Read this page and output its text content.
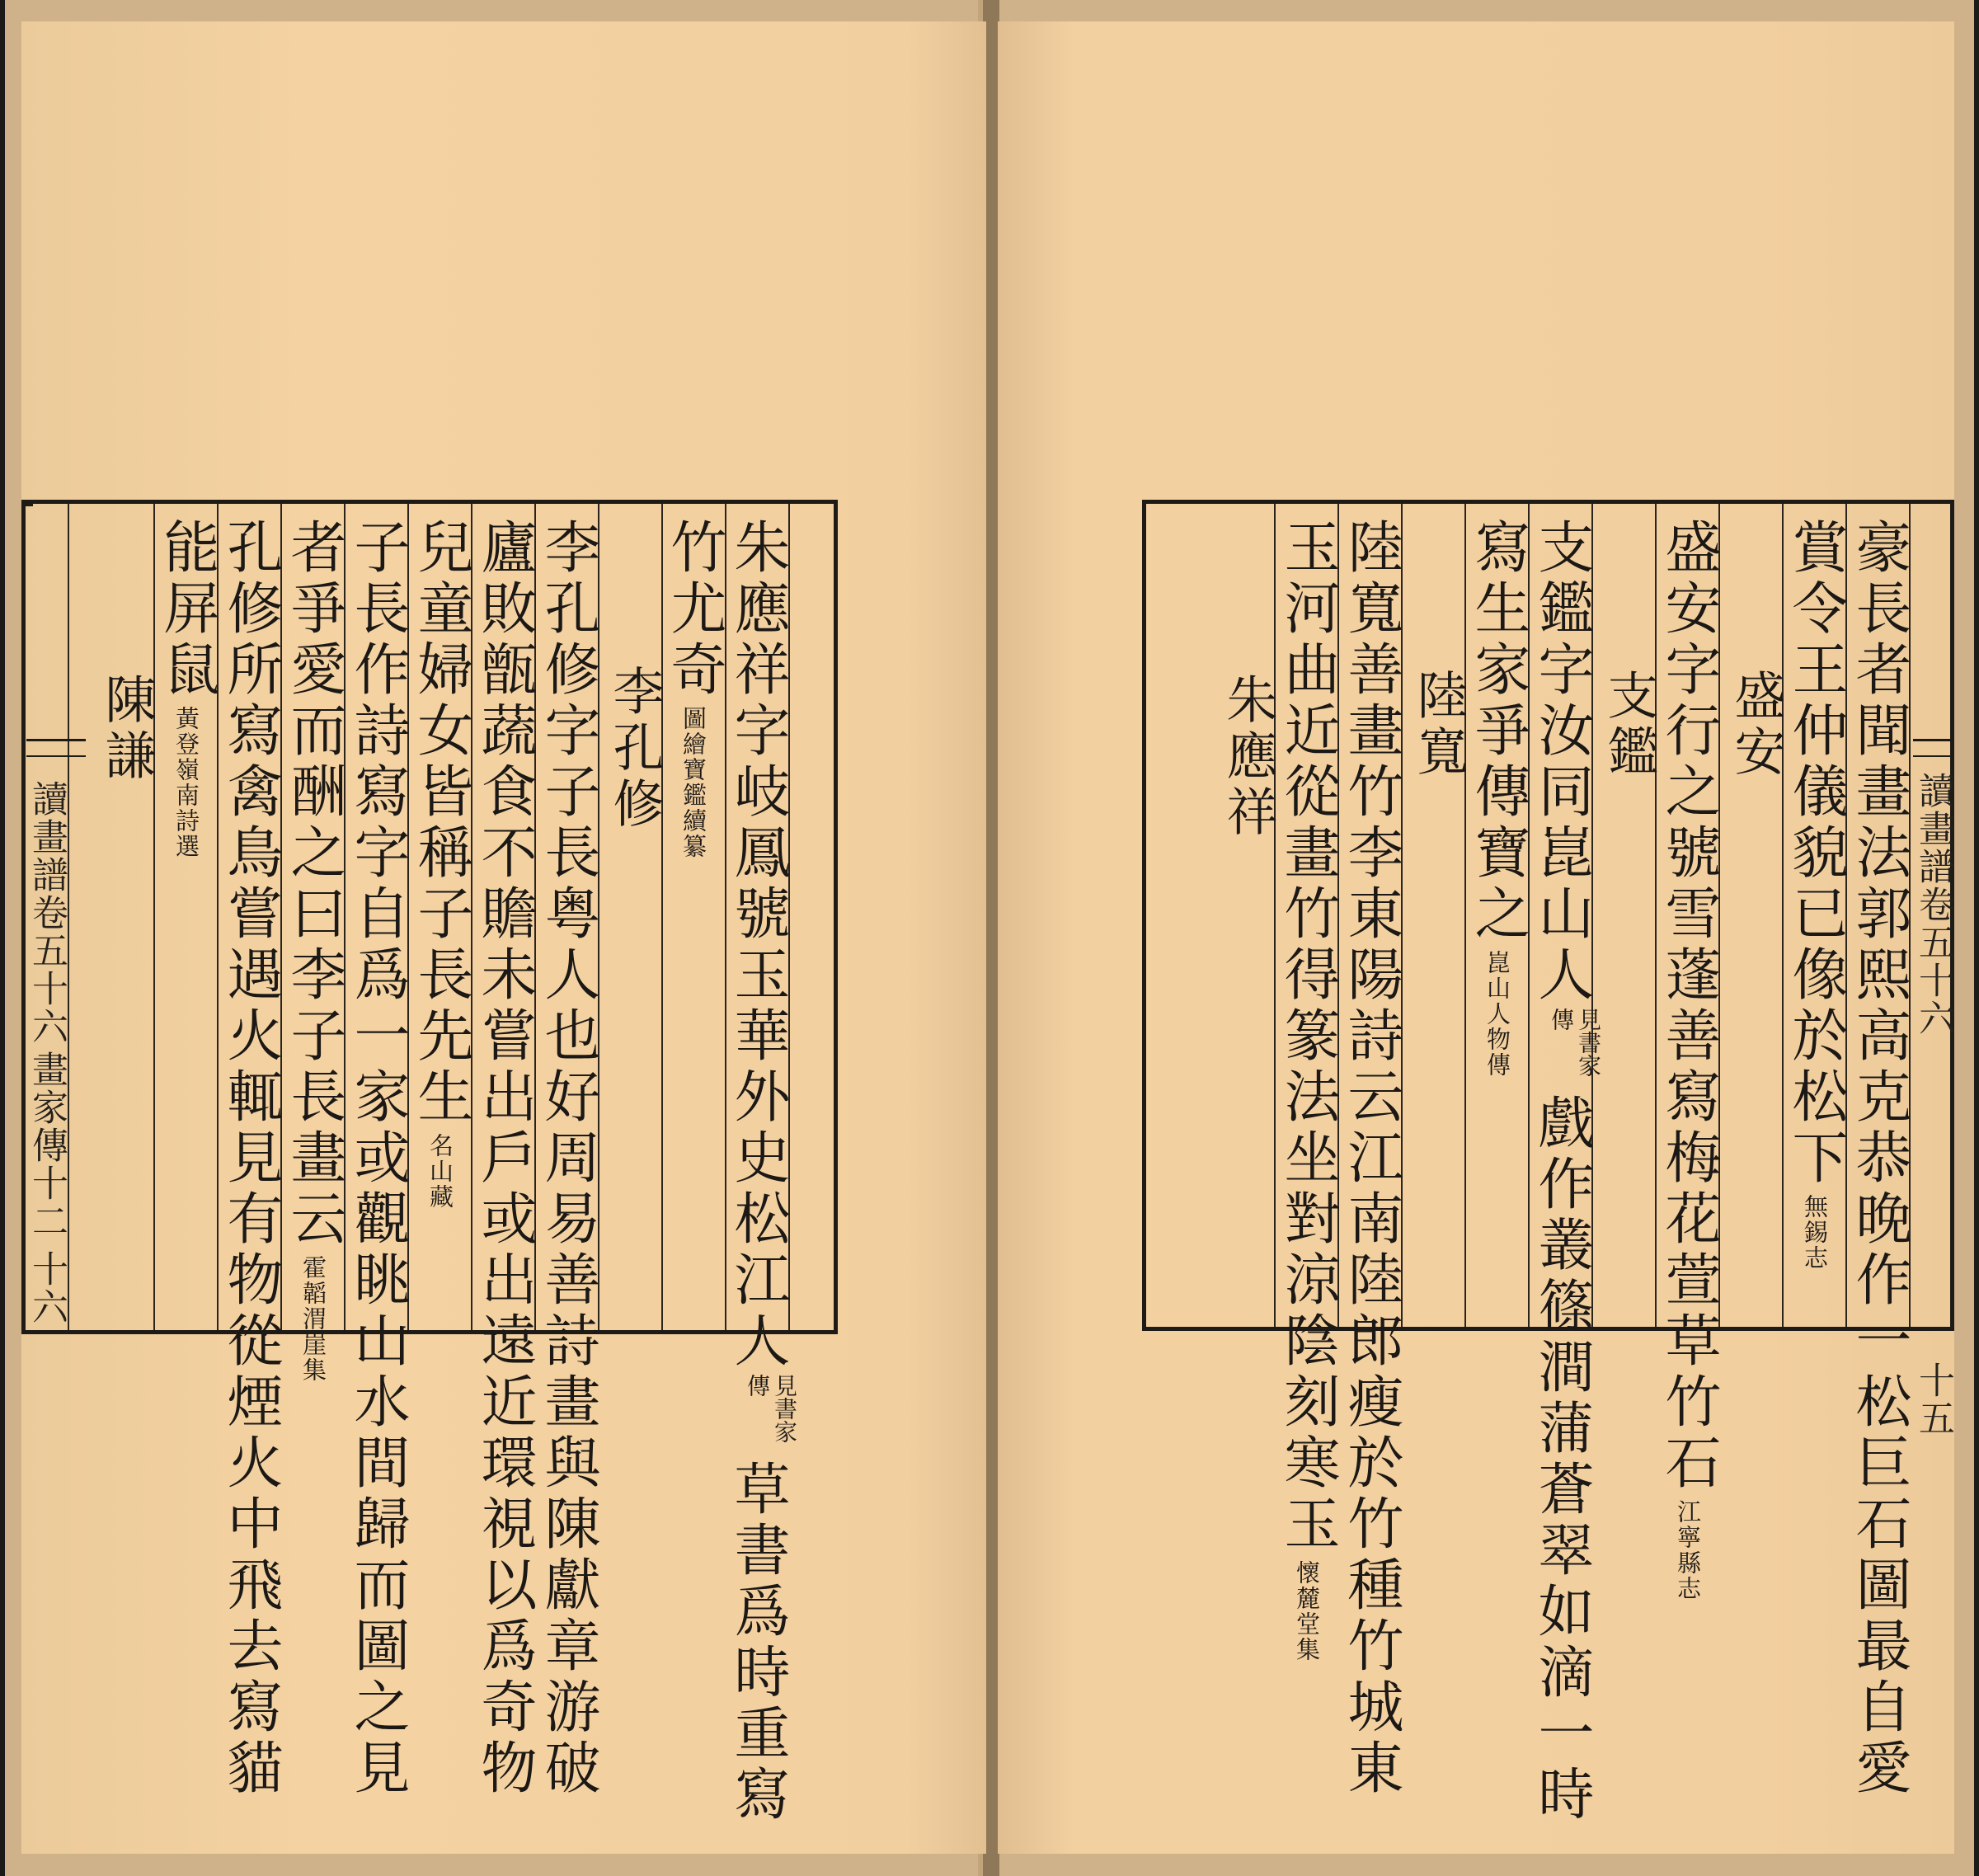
朱應祥字岐鳳號玉華外史松江人見書家傳草書爲時重寫
竹尤奇圖繪寶鑑續纂
李孔修
李孔修字子長粤人也好周易善詩畫與陳獻章游破
廬敗甑蔬食不贍未嘗出戶或出遠近環視以爲奇物
兒童婦女皆稱子長先生名山藏
子長作詩寫字自爲一家或觀眺山水間歸而圖之見
者爭愛而酬之曰李子長畫云霍韜渭崖集
孔修所寫禽鳥嘗遇火輒見有物從煙火中飛去寫貓
能屏鼠黃登嶺南詩選
陳謙
讀畫譜卷五十六
畫家傳十二
十六	豪長者聞畫法郭熙高克恭晚作一松巨石圖最自愛
賞令王仲儀貌已像於松下無錫志
盛安
盛安字行之號雪蓬善寫梅花萱草竹石江寧縣志
支鑑
支鑑字汝同崑山人見書家傳戲作叢篠澗蒲蒼翠如滴一時
寫生家爭傳寶之崑山人物傳
陸寬
陸寬善畫竹李東陽詩云江南陸郎瘦於竹種竹城東
玉河曲近從畫竹得篆法坐對涼陰刻寒玉懷麓堂集
朱應祥
讀畫譜卷五十六
十五
